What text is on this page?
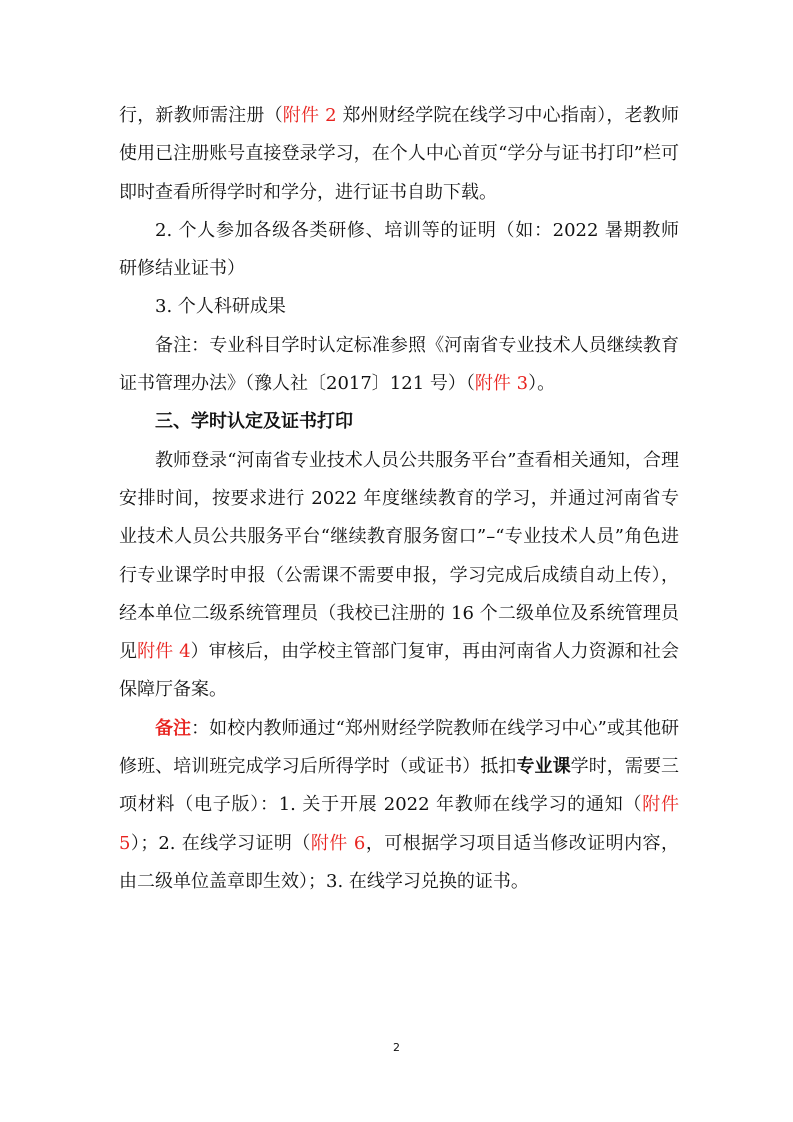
行，新教师需注册（附件 2 郑州财经学院在线学习中心指南），老教师使用已注册账号直接登录学习，在个人中心首页“学分与证书打印”栏可即时查看所得学时和学分，进行证书自助下载。

2. 个人参加各级各类研修、培训等的证明（如：2022 暑期教师研修结业证书）

3. 个人科研成果

备注：专业科目学时认定标准参照《河南省专业技术人员继续教育证书管理办法》（豫人社〔2017〕121 号）（附件 3）。

三、学时认定及证书打印

教师登录“河南省专业技术人员公共服务平台”查看相关通知，合理安排时间，按要求进行 2022 年度继续教育的学习，并通过河南省专业技术人员公共服务平台“继续教育服务窗口”–“专业技术人员”角色进行专业课学时申报（公需课不需要申报，学习完成后成绩自动上传），经本单位二级系统管理员（我校已注册的 16 个二级单位及系统管理员见附件 4）审核后，由学校主管部门复审，再由河南省人力资源和社会保障厅备案。

备注：如校内教师通过“郑州财经学院教师在线学习中心”或其他研修班、培训班完成学习后所得学时（或证书）抵扣专业课学时，需要三项材料（电子版）：1. 关于开展 2022 年教师在线学习的通知（附件 5）；2. 在线学习证明（附件 6，可根据学习项目适当修改证明内容，由二级单位盖章即生效）；3. 在线学习兑换的证书。

2
